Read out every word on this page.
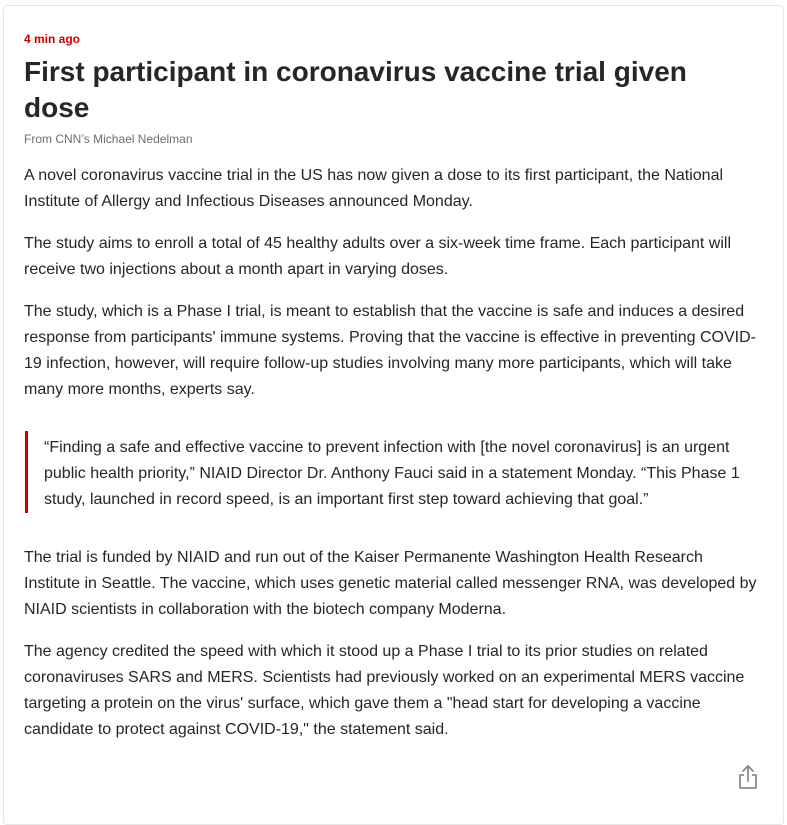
4 min ago
First participant in coronavirus vaccine trial given dose
From CNN’s Michael Nedelman

A novel coronavirus vaccine trial in the US has now given a dose to its first participant, the National Institute of Allergy and Infectious Diseases announced Monday.

The study aims to enroll a total of 45 healthy adults over a six-week time frame. Each participant will receive two injections about a month apart in varying doses.

The study, which is a Phase I trial, is meant to establish that the vaccine is safe and induces a desired response from participants' immune systems. Proving that the vaccine is effective in preventing COVID-19 infection, however, will require follow-up studies involving many more participants, which will take many more months, experts say.

“Finding a safe and effective vaccine to prevent infection with [the novel coronavirus] is an urgent public health priority,” NIAID Director Dr. Anthony Fauci said in a statement Monday. “This Phase 1 study, launched in record speed, is an important first step toward achieving that goal.”

The trial is funded by NIAID and run out of the Kaiser Permanente Washington Health Research Institute in Seattle. The vaccine, which uses genetic material called messenger RNA, was developed by NIAID scientists in collaboration with the biotech company Moderna.

The agency credited the speed with which it stood up a Phase I trial to its prior studies on related coronaviruses SARS and MERS. Scientists had previously worked on an experimental MERS vaccine targeting a protein on the virus' surface, which gave them a "head start for developing a vaccine candidate to protect against COVID-19," the statement said.
